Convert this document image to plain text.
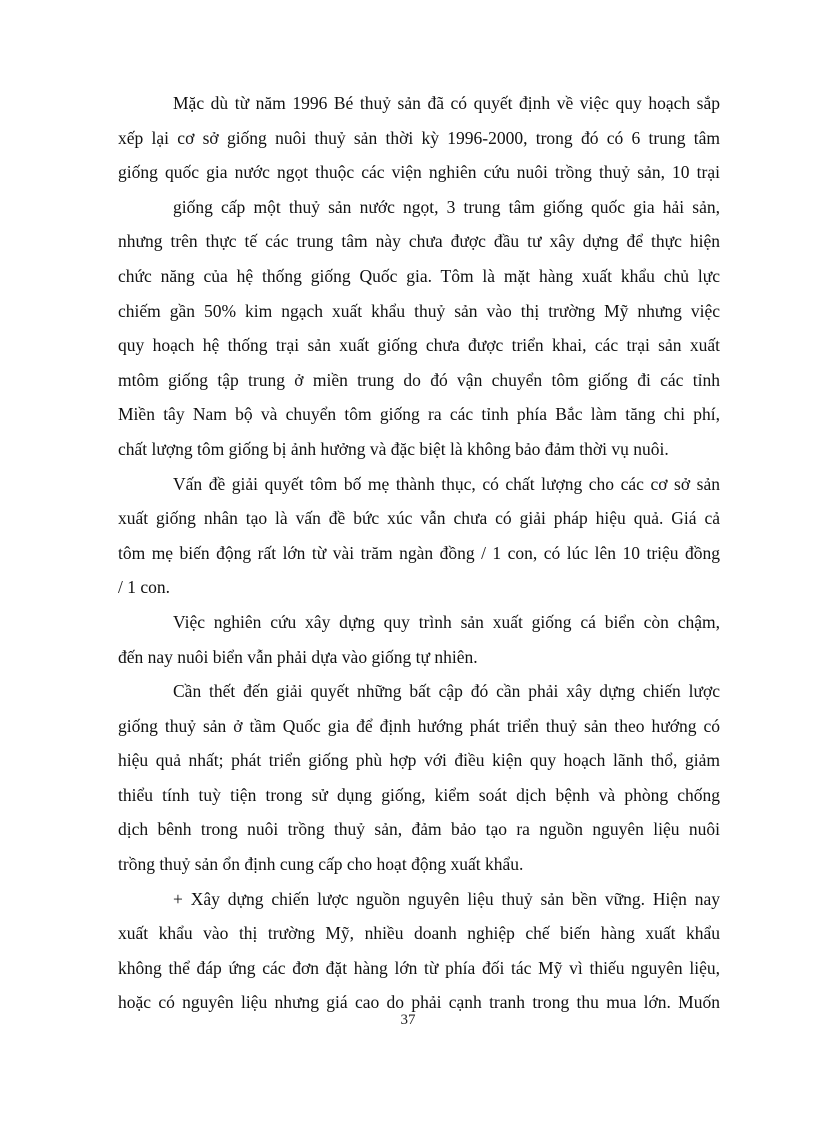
Mặc dù từ năm 1996 Bé thuỷ sản đã có quyết định về việc quy hoạch sắp
xếp lại cơ sở giống nuôi thuỷ sản thời kỳ 1996-2000, trong đó có 6 trung tâm
giống quốc gia nước ngọt thuộc các viện nghiên cứu nuôi trồng thuỷ sản, 10 trại
giống cấp một thuỷ sản nước ngọt, 3 trung tâm giống quốc gia hải sản,
nhưng trên thực tế các trung tâm này chưa được đầu tư xây dựng để thực hiện
chức năng của hệ thống giống Quốc gia. Tôm là mặt hàng xuất khẩu chủ lực
chiếm gần 50% kim ngạch xuất khẩu thuỷ sản vào thị trường Mỹ nhưng việc
quy hoạch hệ thống trại sản xuất giống chưa được triển khai, các trại sản xuất
mtôm giống tập trung ở miền trung do đó vận chuyển tôm giống đi các tỉnh
Miền tây Nam bộ và chuyển tôm giống ra các tỉnh phía Bắc làm tăng chi phí,
chất lượng tôm giống bị ảnh hưởng và đặc biệt là không bảo đảm thời vụ nuôi.
Vấn đề giải quyết tôm bố mẹ thành thục, có chất lượng cho các cơ sở sản
xuất giống nhân tạo là vấn đề bức xúc vẫn chưa có giải pháp hiệu quả. Giá cả
tôm mẹ biến động rất lớn từ vài trăm ngàn đồng / 1 con, có lúc lên 10 triệu đồng
/ 1 con.
Việc nghiên cứu xây dựng quy trình sản xuất giống cá biển còn chậm,
đến nay nuôi biển vẫn phải dựa vào giống tự nhiên.
Cần thết đến giải quyết những bất cập đó cần phải xây dựng chiến lược
giống thuỷ sản ở tầm Quốc gia để định hướng phát triển thuỷ sản theo hướng có
hiệu quả nhất; phát triển giống phù hợp với điều kiện quy hoạch lãnh thổ, giảm
thiểu tính tuỳ tiện trong sử dụng giống, kiểm soát dịch bệnh và phòng chống
dịch bênh trong nuôi trồng thuỷ sản, đảm bảo tạo ra nguồn nguyên liệu nuôi
trồng thuỷ sản ổn định cung cấp cho hoạt động xuất khẩu.
+ Xây dựng chiến lược nguồn nguyên liệu thuỷ sản bền vững. Hiện nay
xuất khẩu vào thị trường Mỹ, nhiều doanh nghiệp chế biến hàng xuất khẩu
không thể đáp ứng các đơn đặt hàng lớn từ phía đối tác Mỹ vì thiếu nguyên liệu,
hoặc có nguyên liệu nhưng giá cao do phải cạnh tranh trong thu mua lớn. Muốn
37
